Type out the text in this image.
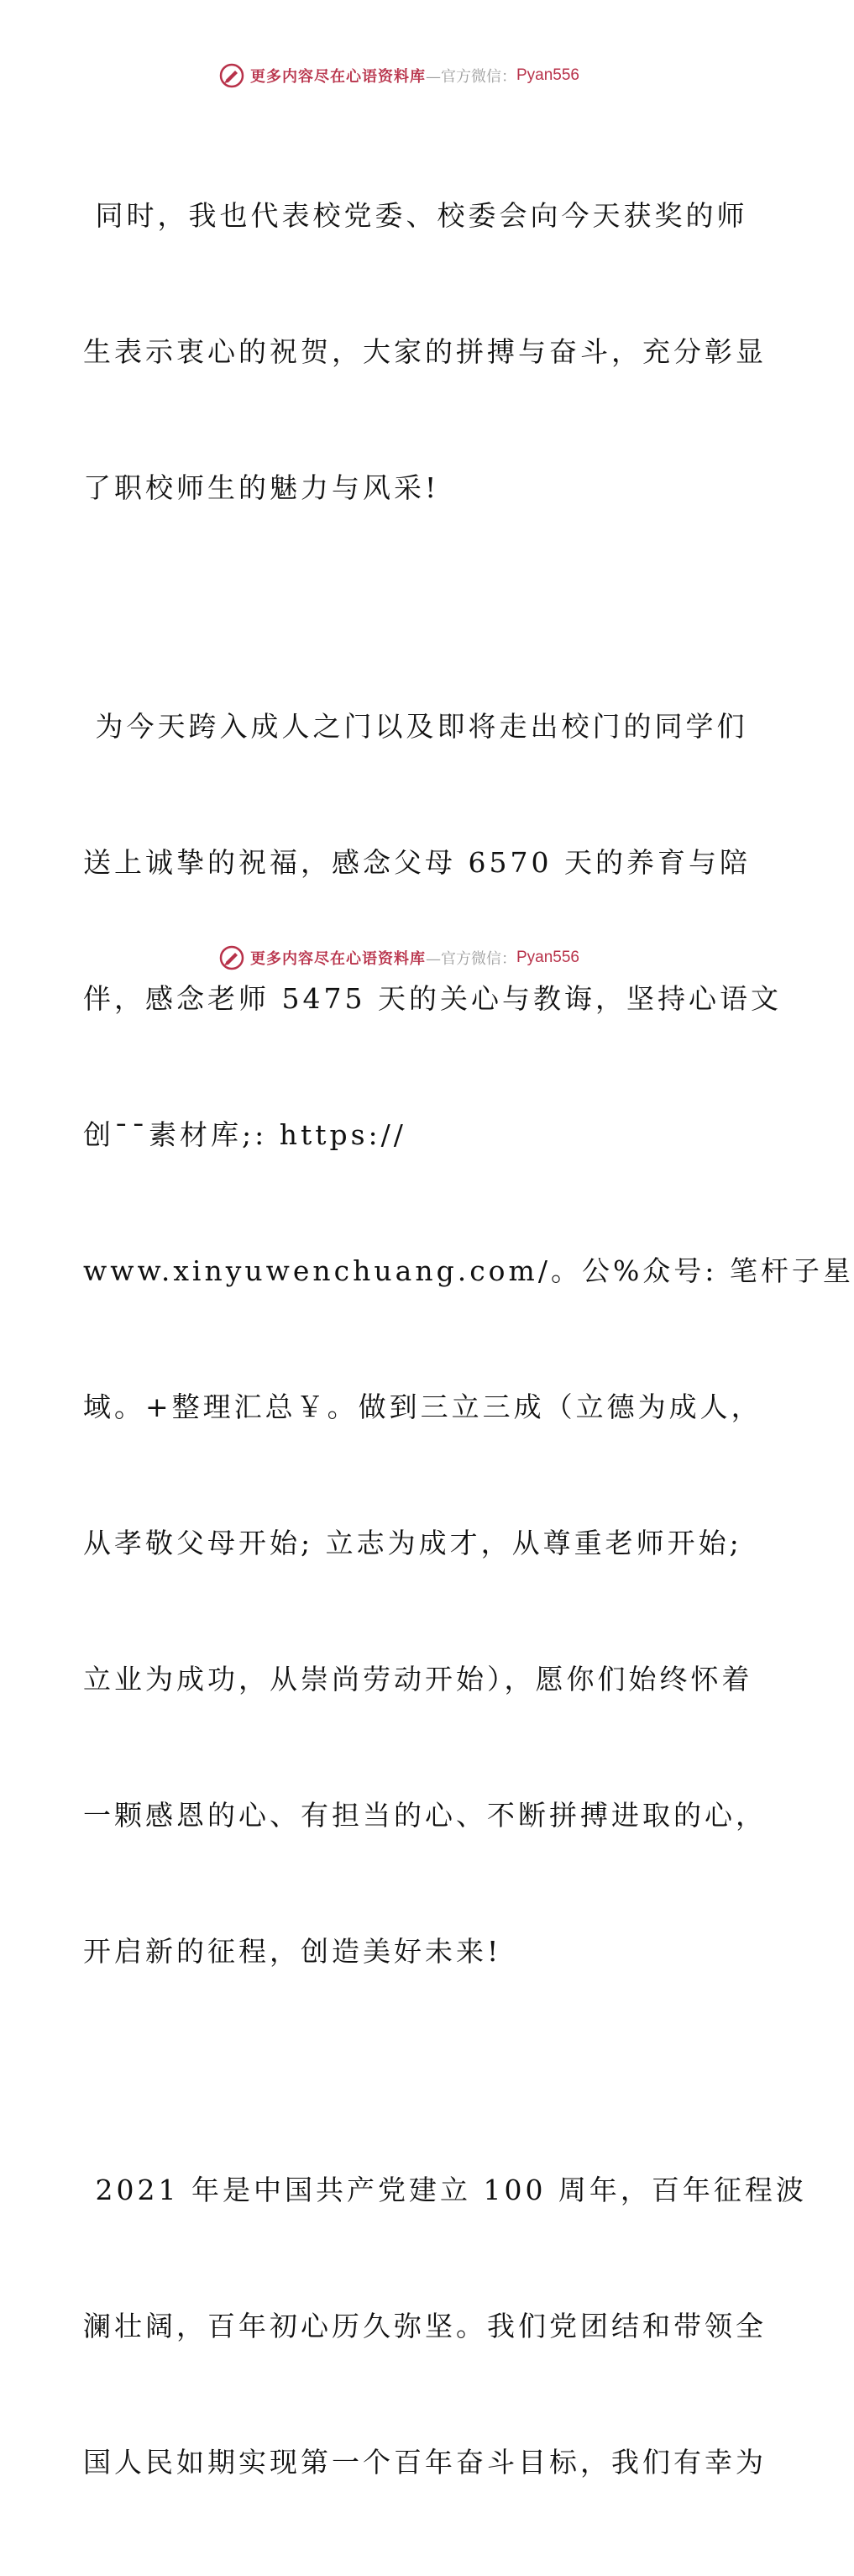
更多内容尽在心语资料库 —官方微信： Pyan556

同时，我也代表校党委、校委会向今天获奖的师

生表示衷心的祝贺，大家的拼搏与奋斗，充分彰显

了职校师生的魅力与风采!

为今天跨入成人之门以及即将走出校门的同学们

送上诚挚的祝福，感念父母 6570 天的养育与陪

伴，感念老师 5475 天的关心与教诲，坚持心语文

创¯¯素材库;: https://

www.xinyuwenchuang.com/。公%众号: 笔杆子星

域。+整理汇总￥。做到三立三成（立德为成人，

从孝敬父母开始; 立志为成才，从尊重老师开始;

立业为成功，从崇尚劳动开始），愿你们始终怀着

一颗感恩的心、有担当的心、不断拼搏进取的心，

开启新的征程，创造美好未来!

2021 年是中国共产党建立 100 周年，百年征程波

澜壮阔，百年初心历久弥坚。我们党团结和带领全

国人民如期实现第一个百年奋斗目标，我们有幸为

更多内容尽在心语资料库 —官方微信： Pyan556
